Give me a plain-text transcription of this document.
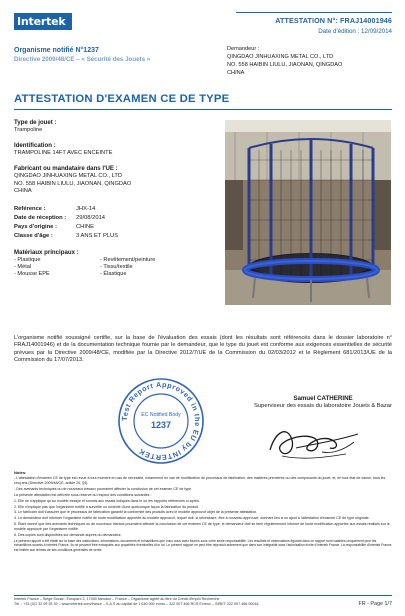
Intertek	ATTESTATION N°: FRAJ14001946
Date d'édition : 12/09/2014
Organisme notifié N°1237
Directive 2009/48/CE – « Sécurité des Jouets »
Demandeur :
QINGDAO JINHUAXING METAL CO., LTD
NO. 558 HAIBIN LIULU, JIAONAN, QINGDAO
CHINA
ATTESTATION D'EXAMEN CE DE TYPE
Type de jouet :
Trampoline
Identification :
TRAMPOLINE 14FT AVEC ENCEINTE
Fabricant ou mandataire dans l'UE :
QINGDAO JINHUAXING METAL CO., LTD
NO. 558 HAIBIN LIULU, JIAONAN, QINGDAO
CHINA
Référence :	JHX-14
Date de réception :	29/08/2014
Pays d'origine :	CHINE
Classe d'âge :	3 ANS ET PLUS
Matériaux principaux :
- Plastique	- Revêtement/peinture
- Métal	- Tissu/textile
- Mousse EPE	- Élastique
L'organisme notifié soussigné certifie, sur la base de l'évaluation des essais (dont les résultats sont référencés dans le dossier laboratoire n° FRAJ14001946) et de la documentation technique fournie par le demandeur, que le type du jouet est conforme aux exigences essentielles de sécurité prévues par la Directive 2009/48/CE, modifiée par la Directive 2012/7/UE de la Commission du 02/03/2012 et le Règlement 681/2013/UE de la Commission du 17/07/2013.
Test Report Approved in the EU by INTERTEK
EC Notified Body
1237
Samuel CATHERINE
Superviseur des essais du laboratoire Jouets & Bazar
Notes:

- L'attestation d'examen CE de type est revue à tout moment en cas de nécessité, notamment en cas de modification du processus de fabrication, des matières premières ou des composants du jouet, et, en tout état de cause, tous les cinq ans (Directive 2009/48/CE, article 20, §4).

- Des avenants techniques ou de nouveaux travaux pourraient affecter la conclusion de cet examen CE de type.

La présente attestation est délivrée sous réserve du respect des conditions suivantes :

1. Elle ne s'applique qu'au modèle essayé et soumis aux essais indiqués dans le ou les rapports référencés ci-après.

2. Elle n'implique pas que l'organisme notifié a surveillé ou contrôlé d'une quelconque façon la fabrication du produit.

3. Le fabricant doit s'assurer que le processus de fabrication garantit la conformité des produits avec le modèle approuvé objet de la présente attestation.

4. Le demandeur doit informer l'organisme notifié de toute modification apportée au modèle approuvé, lequel doit, si nécessaire, être à nouveau approuvé, donnant lieu à un ajout à l'attestation d'examen CE de type originale.

5. Étant donné que des avenants techniques ou de nouveaux travaux pourraient affecter la conclusion de cet examen CE de type, le demandeur doit se tenir régulièrement informé de toute modification apportée aux essais réalisés sur le modèle approuvé par l'organisme notifié.

6. Des copies sont disponibles sur demande auprès du demandeur.

Le présent rapport a été établi sur la base des instructions, informations, documents et échantillons que vous nous avez fournis sous votre seule responsabilité. Les résultats et observations figurant dans ce rapport sont valables uniquement pour les échantillons soumis à Intertek France. Ils ne peuvent être extrapolés aux propriétés éventuelles d'un lot. Le présent rapport ne peut être reproduit autrement que dans son intégralité sans l'autorisation écrite d'Intertek France. La responsabilité d'Intertek France est limitée aux termes de ses conditions générales de vente.

Intertek France – Siège Social : Europarc 2, 17400 Meudon – France – Organisme agréé au titre du Crédit d'Impôt Recherche
Tél. : +33 (0)1 32 09 35 39 – www.intertek.com/france – S.A.S au capital de 1 640 000 euros – 322 007 466 RCS Evreux – SIRET 322 007 466 00044	FR - Page 1/7
